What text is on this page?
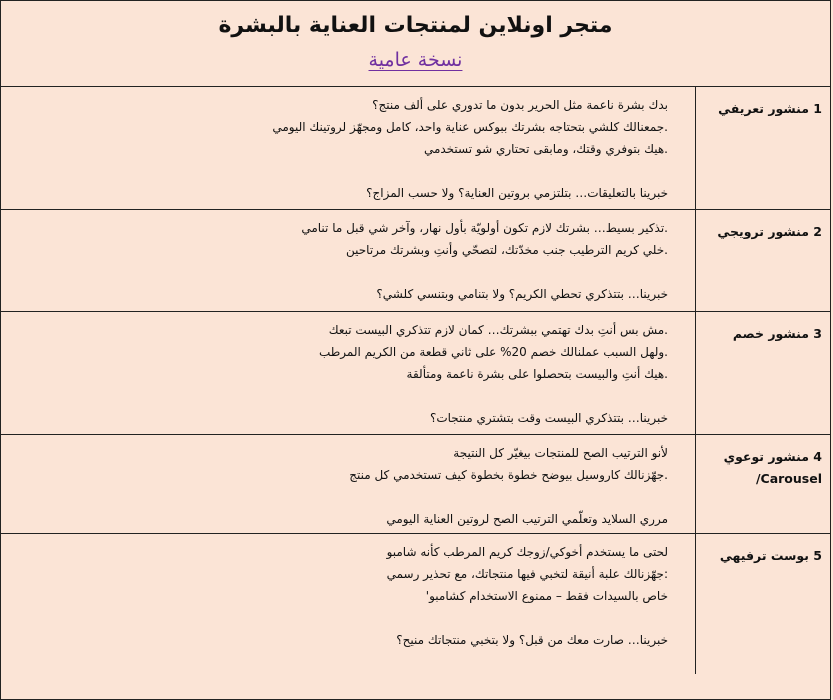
متجر اونلاين لمنتجات العناية بالبشرة
نسخة عامية
1 منشور تعريفي
بدك بشرة ناعمة مثل الحرير بدون ما تدوري على ألف منتج؟
.جمعنالك كلشي بتحتاجه بشرتك ببوكس عناية واحد، كامل ومجهّز لروتينك اليومي
.هيك بتوفري وقتك، ومابقى تحتاري شو تستخدمي
خبرينا بالتعليقات… بتلتزمي بروتين العناية؟ ولا حسب المزاج؟
2 منشور ترويجي
.تذكير بسيط… بشرتك لازم تكون أولويّة بأول نهار، وآخر شي قبل ما تنامي
.خلي كريم الترطيب جنب مخدّتك، لتصحّي وأنتِ وبشرتك مرتاحين
خبرينا… بتتذكري تحطي الكريم؟ ولا بتنامي وبتنسي كلشي؟
3 منشور خصم
.مش بس أنتِ بدك تهتمي ببشرتك… كمان لازم تتذكري البيست تبعك
.ولهل السبب عملنالك خصم 20% على ثاني قطعة من الكريم المرطب
.هيك أنتِ والبيست بتحصلوا على بشرة ناعمة ومتألقة
خبرينا… بتتذكري البيست وقت بتشتري منتجات؟
4 منشور توعوي Carousel/
لأنو الترتيب الصح للمنتجات بيغيّر كل النتيجة
.جهّزنالك كاروسيل بيوضح خطوة بخطوة كيف تستخدمي كل منتج
مرري السلايد وتعلّمي الترتيب الصح لروتين العناية اليومي
5 بوست ترفيهي
لحتى ما يستخدم أخوكي/زوجك كريم المرطب كأنه شامبو
:جهّزنالك علبة أنيقة لتخبي فيها منتجاتك، مع تحذير رسمي
خاص بالسيدات فقط – ممنوع الاستخدام كشامبو'
خبرينا… صارت معك من قبل؟ ولا بتخبي منتجاتك منيح؟
